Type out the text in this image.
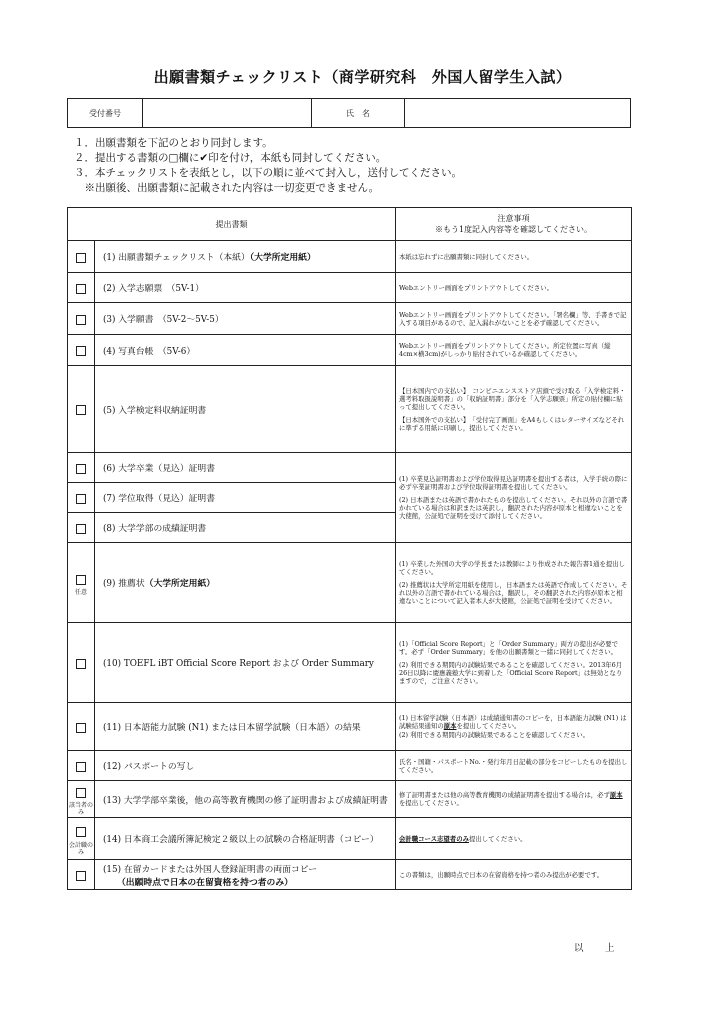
出願書類チェックリスト（商学研究科　外国人留学生入試）
受付番号		氏　名	
１．出願書類を下記のとおり同封します。
２．提出する書類の□欄に✔印を付け，本紙も同封してください。
３．本チェックリストを表紙とし，以下の順に並べて封入し，送付してください。
　※出願後、出願書類に記載された内容は一切変更できません。
提出書類		注意事項
※もう1度記入内容等を確認してください。

	(1) 出願書類チェックリスト（本紙）（大学所定用紙）	本紙は忘れずに出願書類に同封してください。

	(2) 入学志願票　（5V-1）	Webエントリー画面をプリントアウトしてください。

	(3) 入学願書　（5V-2～5V-5）	Webエントリー画面をプリントアウトしてください。「署名欄」等、手書きで記入する項目があるので、記入漏れがないことを必ず確認してください。

	(4) 写真台帳　（5V-6）	Webエントリー画面をプリントアウトしてください。所定位置に写真（縦4cm×横3cm)がしっかり貼付されているか確認してください。

	(5) 入学検定料収納証明書	【日本国内での支払い】　コンビニエンスストア店頭で受け取る「入学検定料・選考料取扱説明書」の「収納証明書」部分を「入学志願票」所定の貼付欄に貼って提出してください。

【日本国外での支払い】　「受付完了画面」をA4もしくはレターサイズなどそれに準ずる用紙に印刷し，提出してください。

	(6) 大学卒業（見込）証明書	(1) 卒業見込証明書および学位取得見込証明書を提出する者は，入学手続の際に必ず卒業証明書および学位取得証明書を提出してください。

(2) 日本語または英語で書かれたものを提出してください。それ以外の言語で書かれている場合は和訳または英訳し，翻訳された内容が原本と相違ないことを大使館，公証処で証明を受けて添付してください。

	(7) 学位取得（見込）証明書	
	(8) 大学学部の成績証明書	

任意	(9) 推薦状（大学所定用紙）	(1) 卒業した外国の大学の学長または教師により作成された報告書1通を提出してください。

(2) 推薦状は大学所定用紙を使用し，日本語または英語で作成してください。それ以外の言語で書かれている場合は，翻訳し，その翻訳された内容が原本と相違ないことについて記入者本人が大使館，公証処で証明を受けてください。

	(10) TOEFL iBT Official Score Report および Order Summary	(1)「Official Score Report」と「Order Summary」両方の提出が必要です。必ず「Order Summary」を他の出願書類と一緒に同封してください。

(2) 利用できる期間内の試験結果であることを確認してください。2013年6月26日以降に慶應義塾大学に到着した「Official Score Report」は無効となりますので，ご注意ください。

	(11) 日本語能力試験 (N1) または日本留学試験（日本語）の結果	(1) 日本留学試験（日本語）は成績通知書のコピーを，日本語能力試験 (N1) は試験結果通知の原本を提出してください。

(2) 利用できる期間内の試験結果であることを確認してください。

	(12) パスポートの写し	氏名・国籍・パスポートNo.・発行年月日記載の部分をコピーしたものを提出してください。

該当者のみ	(13) 大学学部卒業後，他の高等教育機関の修了証明書および成績証明書	修了証明書または他の高等教育機関の成績証明書を提出する場合は，必ず原本を提出してください。

会計職のみ	(14) 日本商工会議所簿記検定２級以上の試験の合格証明書（コピー）	会計職コース志望者のみ提出してください。

	(15) 在留カードまたは外国人登録証明書の両面コピー
（出願時点で日本の在留資格を持つ者のみ）	この書類は，出願時点で日本の在留資格を持つ者のみ提出が必要です。

以　上
